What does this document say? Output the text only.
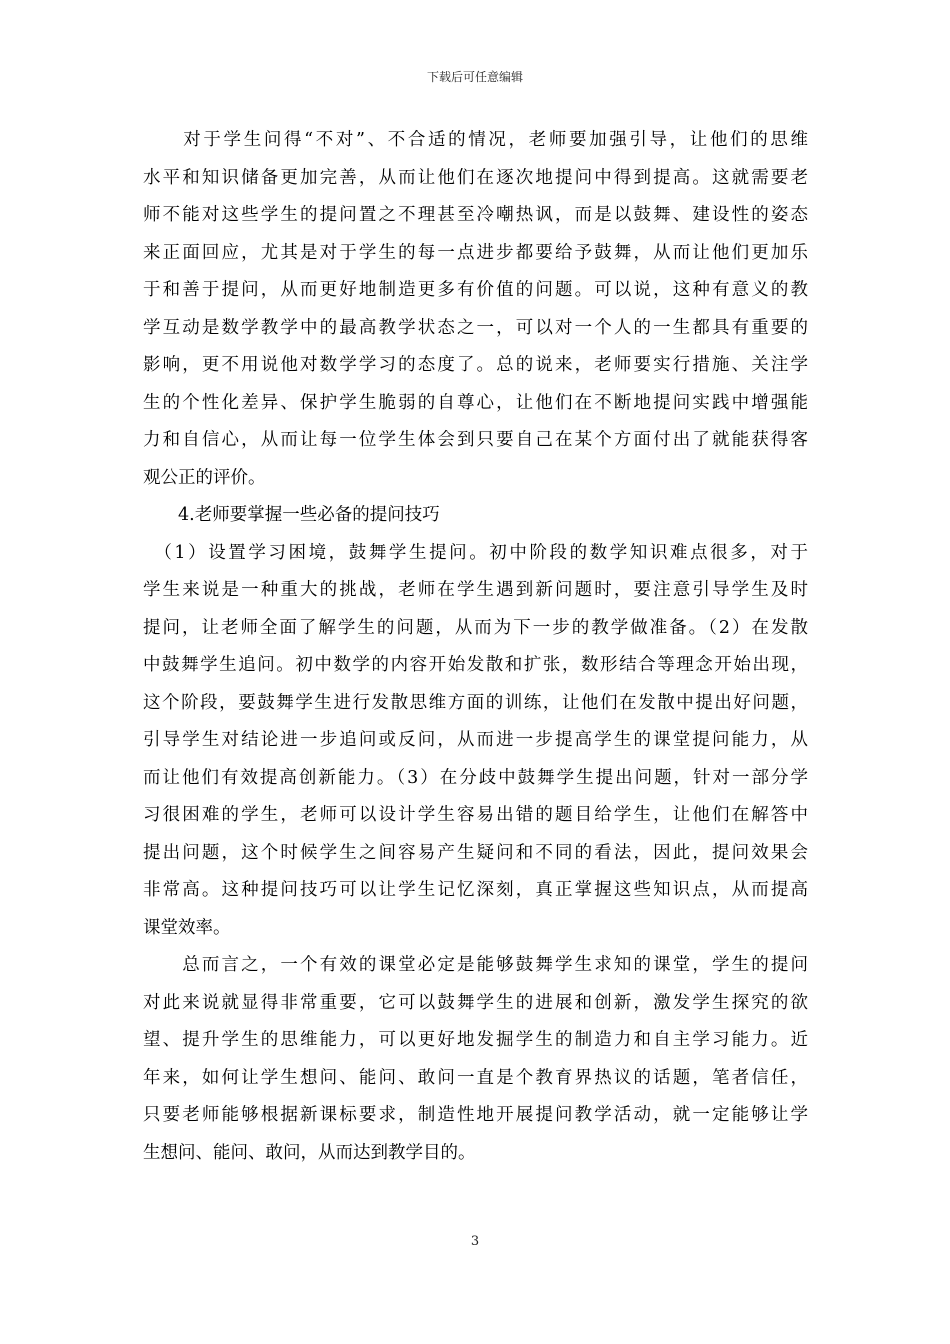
下载后可任意编辑
　　对于学生问得“不对”、不合适的情况，老师要加强引导，让他们的思维
水平和知识储备更加完善，从而让他们在逐次地提问中得到提高。这就需要老
师不能对这些学生的提问置之不理甚至冷嘲热讽，而是以鼓舞、建设性的姿态
来正面回应，尤其是对于学生的每一点进步都要给予鼓舞，从而让他们更加乐
于和善于提问，从而更好地制造更多有价值的问题。可以说，这种有意义的教
学互动是数学教学中的最高教学状态之一，可以对一个人的一生都具有重要的
影响，更不用说他对数学学习的态度了。总的说来，老师要实行措施、关注学
生的个性化差异、保护学生脆弱的自尊心，让他们在不断地提问实践中增强能
力和自信心，从而让每一位学生体会到只要自己在某个方面付出了就能获得客
观公正的评价。
　　4.老师要掌握一些必备的提问技巧
　（1）设置学习困境，鼓舞学生提问。初中阶段的数学知识难点很多，对于
学生来说是一种重大的挑战，老师在学生遇到新问题时，要注意引导学生及时
提问，让老师全面了解学生的问题，从而为下一步的教学做准备。（2）在发散
中鼓舞学生追问。初中数学的内容开始发散和扩张，数形结合等理念开始出现，
这个阶段，要鼓舞学生进行发散思维方面的训练，让他们在发散中提出好问题，
引导学生对结论进一步追问或反问，从而进一步提高学生的课堂提问能力，从
而让他们有效提高创新能力。（3）在分歧中鼓舞学生提出问题，针对一部分学
习很困难的学生，老师可以设计学生容易出错的题目给学生，让他们在解答中
提出问题，这个时候学生之间容易产生疑问和不同的看法，因此，提问效果会
非常高。这种提问技巧可以让学生记忆深刻，真正掌握这些知识点，从而提高
课堂效率。
　　总而言之，一个有效的课堂必定是能够鼓舞学生求知的课堂，学生的提问
对此来说就显得非常重要，它可以鼓舞学生的进展和创新，激发学生探究的欲
望、提升学生的思维能力，可以更好地发掘学生的制造力和自主学习能力。近
年来，如何让学生想问、能问、敢问一直是个教育界热议的话题，笔者信任，
只要老师能够根据新课标要求，制造性地开展提问教学活动，就一定能够让学
生想问、能问、敢问，从而达到教学目的。
3
